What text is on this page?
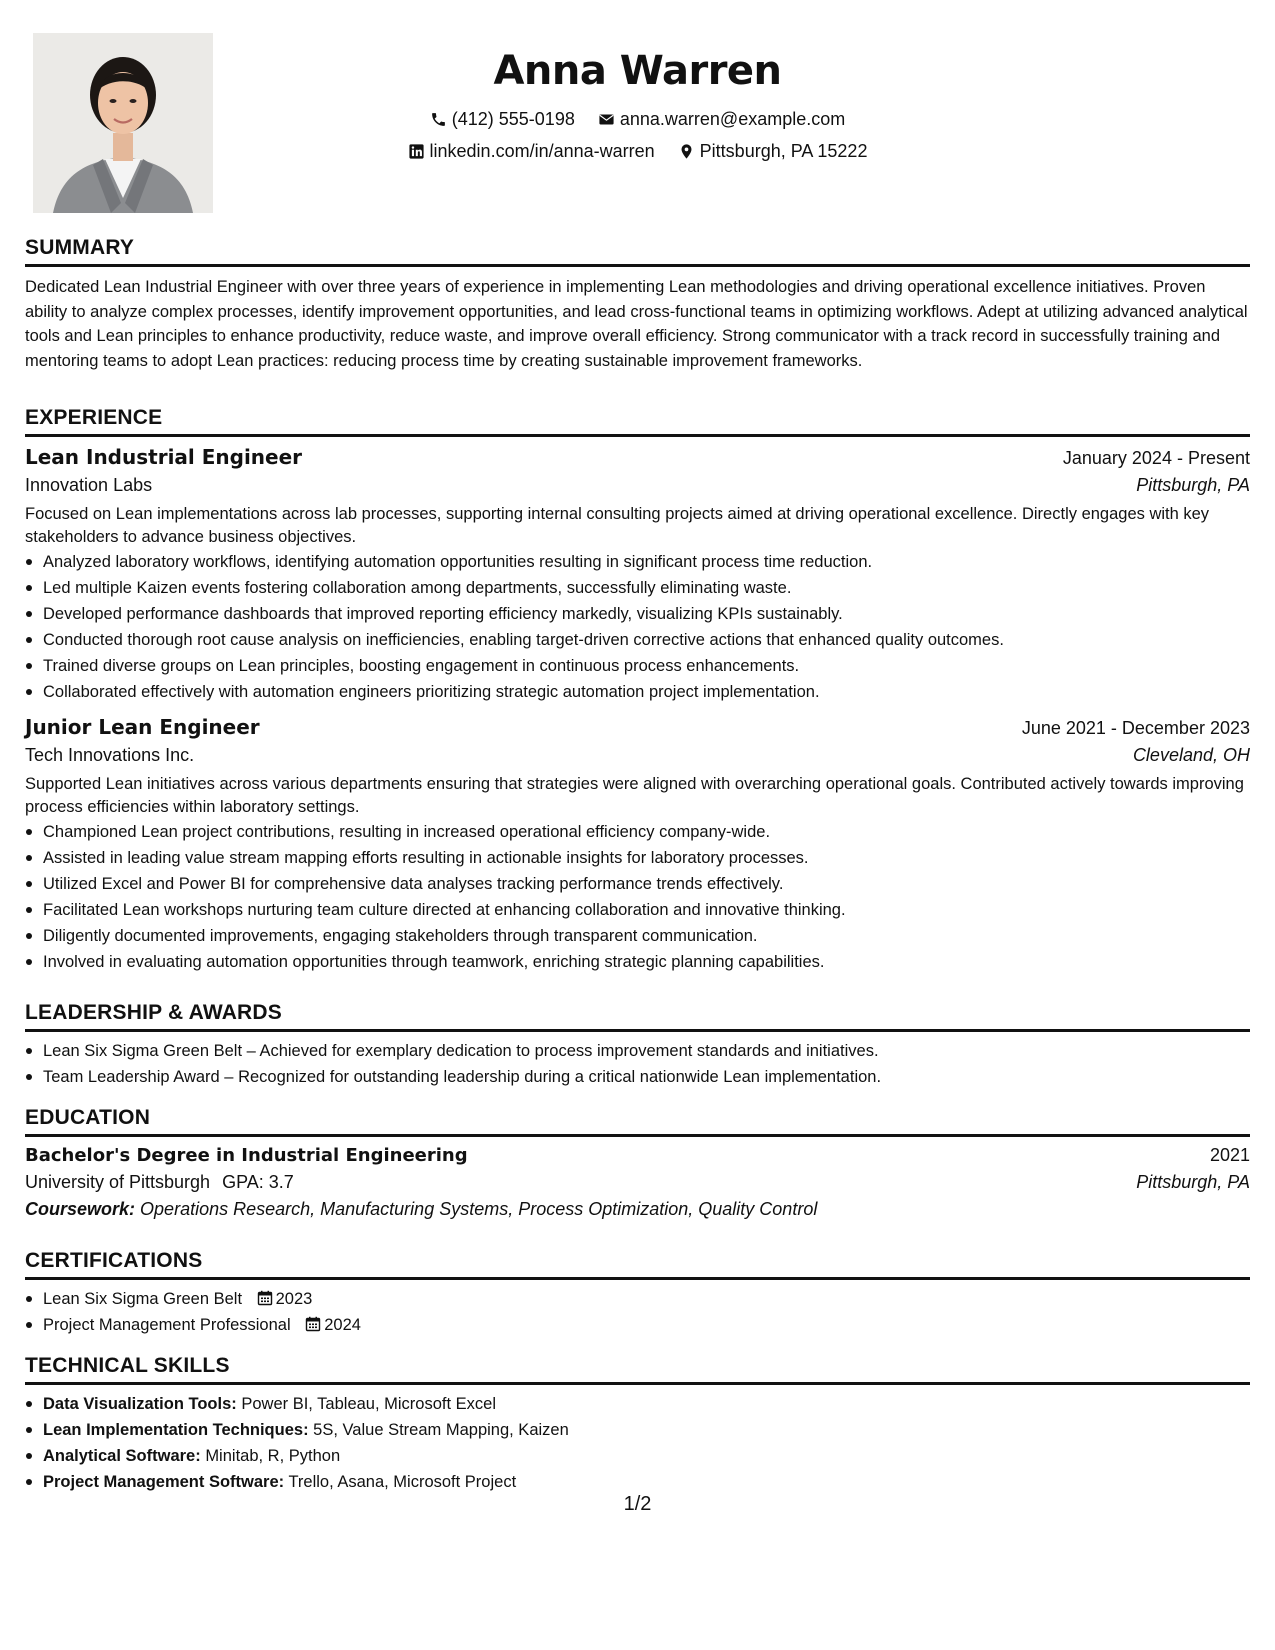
Anna Warren
(412) 555-0198
	anna.warren@example.com
linkedin.com/in/anna-warren
	Pittsburgh, PA 15222
SUMMARY

Dedicated Lean Industrial Engineer with over three years of experience in implementing Lean methodologies and driving operational excellence initiatives. Proven ability to analyze complex processes, identify improvement opportunities, and lead cross-functional teams in optimizing workflows. Adept at utilizing advanced analytical tools and Lean principles to enhance productivity, reduce waste, and improve overall efficiency. Strong communicator with a track record in successfully training and mentoring teams to adopt Lean practices: reducing process time by creating sustainable improvement frameworks.

EXPERIENCE
Lean Industrial Engineer	January 2024 - Present
Innovation Labs	Pittsburgh, PA

Focused on Lean implementations across lab processes, supporting internal consulting projects aimed at driving operational excellence. Directly engages with key stakeholders to advance business objectives.

Analyzed laboratory workflows, identifying automation opportunities resulting in significant process time reduction.
Led multiple Kaizen events fostering collaboration among departments, successfully eliminating waste.
Developed performance dashboards that improved reporting efficiency markedly, visualizing KPIs sustainably.
Conducted thorough root cause analysis on inefficiencies, enabling target-driven corrective actions that enhanced quality outcomes.
Trained diverse groups on Lean principles, boosting engagement in continuous process enhancements.
Collaborated effectively with automation engineers prioritizing strategic automation project implementation.
Junior Lean Engineer	June 2021 - December 2023
Tech Innovations Inc.	Cleveland, OH

Supported Lean initiatives across various departments ensuring that strategies were aligned with overarching operational goals. Contributed actively towards improving process efficiencies within laboratory settings.

Championed Lean project contributions, resulting in increased operational efficiency company-wide.
Assisted in leading value stream mapping efforts resulting in actionable insights for laboratory processes.
Utilized Excel and Power BI for comprehensive data analyses tracking performance trends effectively.
Facilitated Lean workshops nurturing team culture directed at enhancing collaboration and innovative thinking.
Diligently documented improvements, engaging stakeholders through transparent communication.
Involved in evaluating automation opportunities through teamwork, enriching strategic planning capabilities.
LEADERSHIP & AWARDS
Lean Six Sigma Green Belt – Achieved for exemplary dedication to process improvement standards and initiatives.
Team Leadership Award – Recognized for outstanding leadership during a critical nationwide Lean implementation.
EDUCATION
Bachelor's Degree in Industrial Engineering	2021
University of Pittsburgh GPA: 3.7	Pittsburgh, PA
Coursework: Operations Research, Manufacturing Systems, Process Optimization, Quality Control
CERTIFICATIONS
Lean Six Sigma Green Belt 2023
Project Management Professional 2024
TECHNICAL SKILLS
Data Visualization Tools: Power BI, Tableau, Microsoft Excel
Lean Implementation Techniques: 5S, Value Stream Mapping, Kaizen
Analytical Software: Minitab, R, Python
Project Management Software: Trello, Asana, Microsoft Project
1/2
